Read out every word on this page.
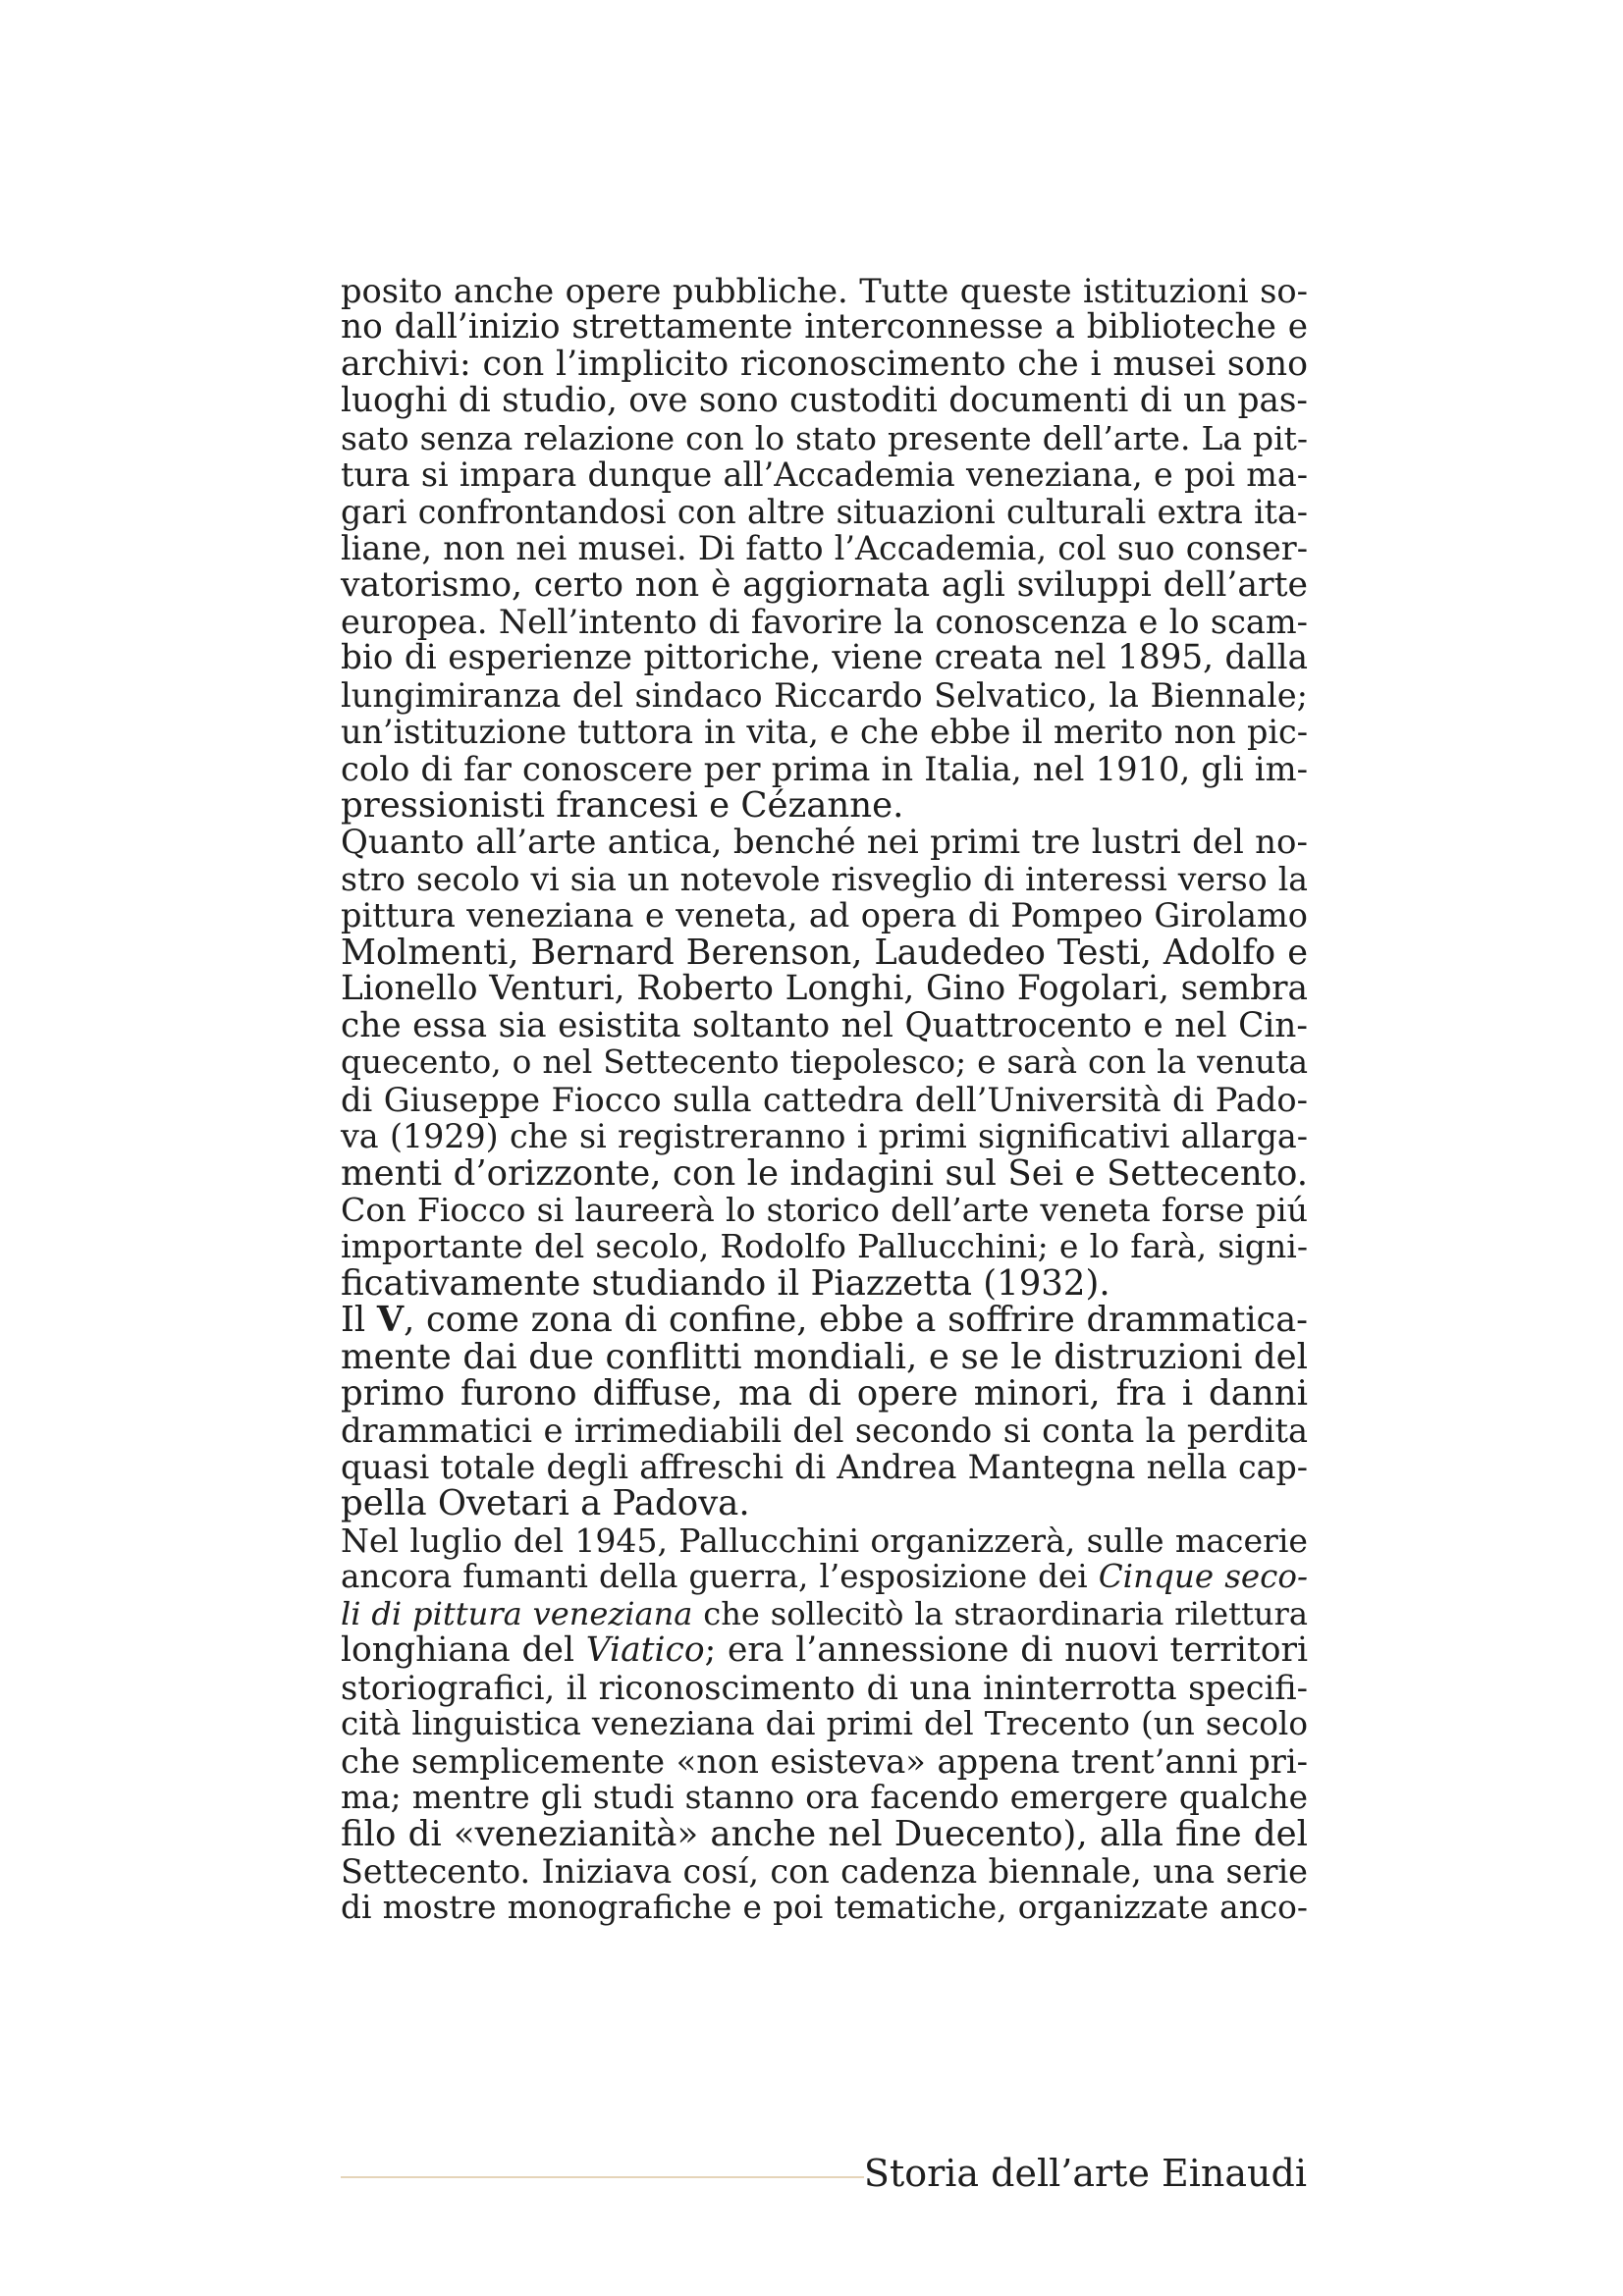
posito anche opere pubbliche. Tutte queste istituzioni so-
no dall’inizio strettamente interconnesse a biblioteche e
archivi: con l’implicito riconoscimento che i musei sono
luoghi di studio, ove sono custoditi documenti di un pas-
sato senza relazione con lo stato presente dell’arte. La pit-
tura si impara dunque all’Accademia veneziana, e poi ma-
gari confrontandosi con altre situazioni culturali extra ita-
liane, non nei musei. Di fatto l’Accademia, col suo conser-
vatorismo, certo non è aggiornata agli sviluppi dell’arte
europea. Nell’intento di favorire la conoscenza e lo scam-
bio di esperienze pittoriche, viene creata nel 1895, dalla
lungimiranza del sindaco Riccardo Selvatico, la Biennale;
un’istituzione tuttora in vita, e che ebbe il merito non pic-
colo di far conoscere per prima in Italia, nel 1910, gli im-
pressionisti francesi e Cézanne.
Quanto all’arte antica, benché nei primi tre lustri del no-
stro secolo vi sia un notevole risveglio di interessi verso la
pittura veneziana e veneta, ad opera di Pompeo Girolamo
Molmenti, Bernard Berenson, Laudedeo Testi, Adolfo e
Lionello Venturi, Roberto Longhi, Gino Fogolari, sembra
che essa sia esistita soltanto nel Quattrocento e nel Cin-
quecento, o nel Settecento tiepolesco; e sarà con la venuta
di Giuseppe Fiocco sulla cattedra dell’Università di Pado-
va (1929) che si registreranno i primi significativi allarga-
menti d’orizzonte, con le indagini sul Sei e Settecento.
Con Fiocco si laureerà lo storico dell’arte veneta forse piú
importante del secolo, Rodolfo Pallucchini; e lo farà, signi-
ficativamente studiando il Piazzetta (1932).
Il V, come zona di confine, ebbe a soffrire drammatica-
mente dai due conflitti mondiali, e se le distruzioni del
primo furono diffuse, ma di opere minori, fra i danni
drammatici e irrimediabili del secondo si conta la perdita
quasi totale degli affreschi di Andrea Mantegna nella cap-
pella Ovetari a Padova.
Nel luglio del 1945, Pallucchini organizzerà, sulle macerie
ancora fumanti della guerra, l’esposizione dei Cinque seco-
li di pittura veneziana che sollecitò la straordinaria rilettura
longhiana del Viatico; era l’annessione di nuovi territori
storiografici, il riconoscimento di una ininterrotta specifi-
cità linguistica veneziana dai primi del Trecento (un secolo
che semplicemente «non esisteva» appena trent’anni pri-
ma; mentre gli studi stanno ora facendo emergere qualche
filo di «venezianità» anche nel Duecento), alla fine del
Settecento. Iniziava cosí, con cadenza biennale, una serie
di mostre monografiche e poi tematiche, organizzate anco-
Storia dell’arte Einaudi
